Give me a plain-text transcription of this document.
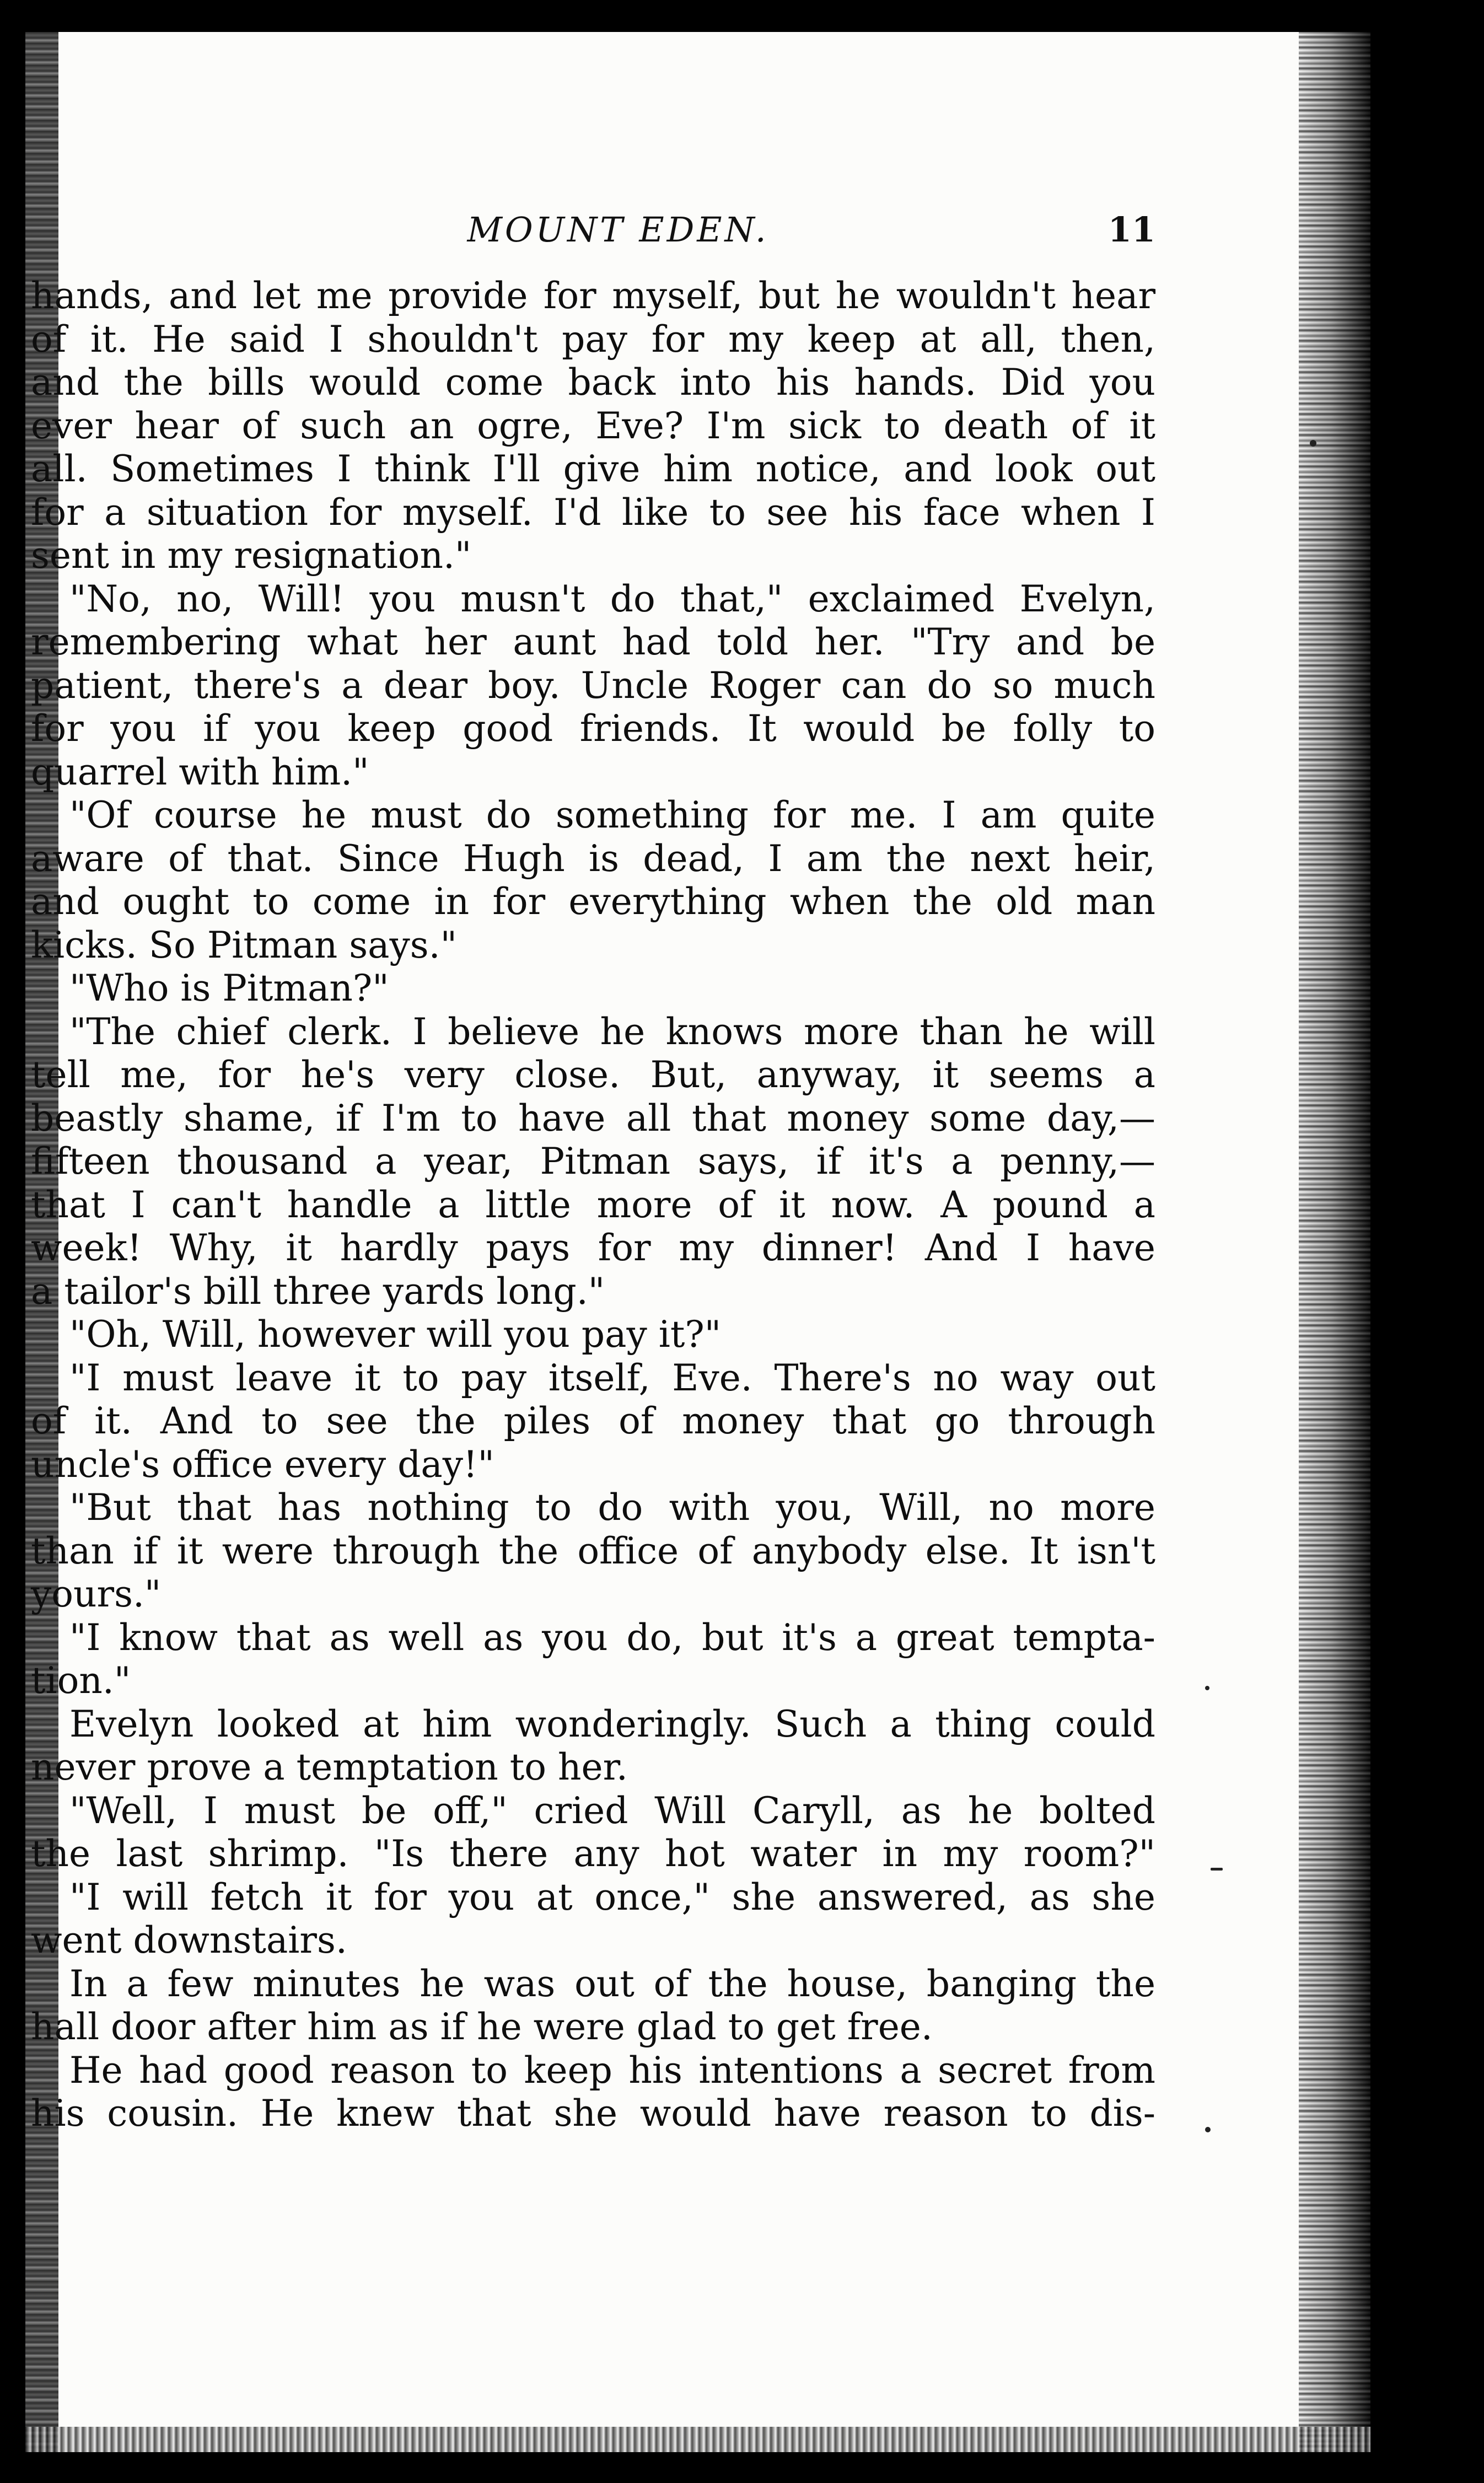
MOUNT EDEN.	11
hands, and let me provide for myself, but he wouldn't hear
of it. He said I shouldn't pay for my keep at all, then,
and the bills would come back into his hands. Did you
ever hear of such an ogre, Eve? I'm sick to death of it
all. Sometimes I think I'll give him notice, and look out
for a situation for myself. I'd like to see his face when I
sent in my resignation."
"No, no, Will! you musn't do that," exclaimed Evelyn,
remembering what her aunt had told her. "Try and be
patient, there's a dear boy. Uncle Roger can do so much
for you if you keep good friends. It would be folly to
quarrel with him."
"Of course he must do something for me. I am quite
aware of that. Since Hugh is dead, I am the next heir,
and ought to come in for everything when the old man
kicks. So Pitman says."
"Who is Pitman?"
"The chief clerk. I believe he knows more than he will
tell me, for he's very close. But, anyway, it seems a
beastly shame, if I'm to have all that money some day,—
fifteen thousand a year, Pitman says, if it's a penny,—
that I can't handle a little more of it now. A pound a
week! Why, it hardly pays for my dinner! And I have
a tailor's bill three yards long."
"Oh, Will, however will you pay it?"
"I must leave it to pay itself, Eve. There's no way out
of it. And to see the piles of money that go through
uncle's office every day!"
"But that has nothing to do with you, Will, no more
than if it were through the office of anybody else. It isn't
yours."
"I know that as well as you do, but it's a great tempta-
tion."
Evelyn looked at him wonderingly. Such a thing could
never prove a temptation to her.
"Well, I must be off," cried Will Caryll, as he bolted
the last shrimp. "Is there any hot water in my room?"
"I will fetch it for you at once," she answered, as she
went downstairs.
In a few minutes he was out of the house, banging the
hall door after him as if he were glad to get free.
He had good reason to keep his intentions a secret from
his cousin. He knew that she would have reason to dis-
